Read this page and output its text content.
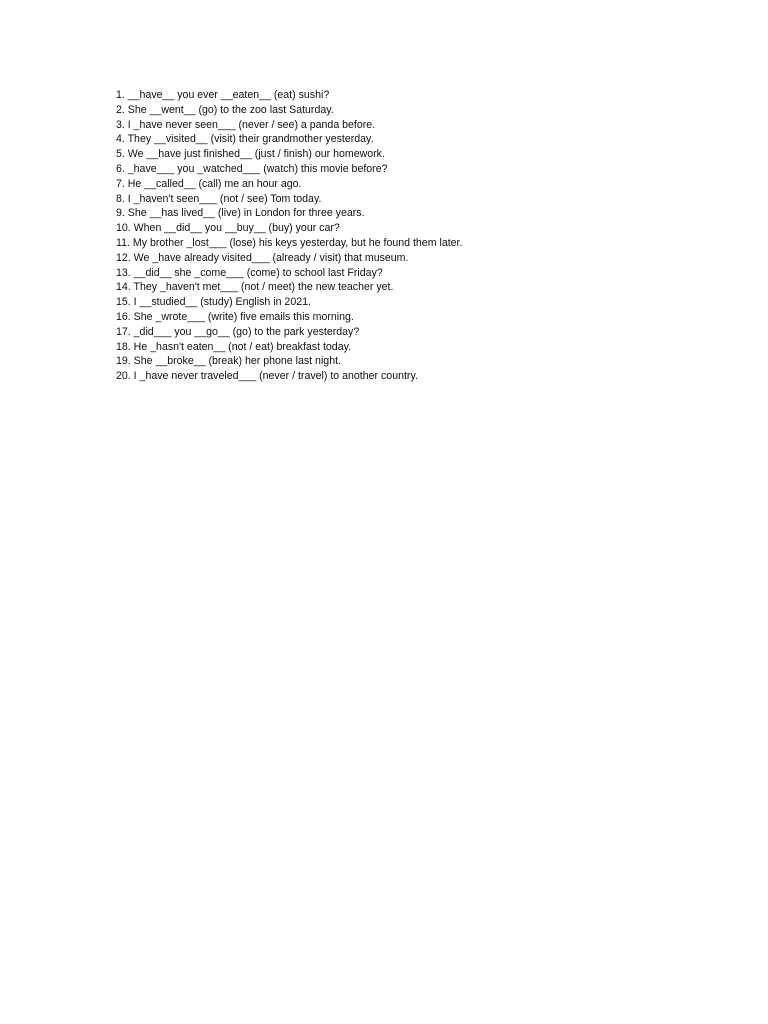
1. __have__ you ever __eaten__ (eat) sushi?
2. She __went__ (go) to the zoo last Saturday.
3. I _have never seen___ (never / see) a panda before.
4. They __visited__ (visit) their grandmother yesterday.
5. We __have just finished__ (just / finish) our homework.
6. _have___ you _watched___ (watch) this movie before?
7. He __called__ (call) me an hour ago.
8. I _haven't seen___ (not / see) Tom today.
9. She __has lived__ (live) in London for three years.
10. When __did__ you __buy__ (buy) your car?
11. My brother _lost___ (lose) his keys yesterday, but he found them later.
12. We _have already visited___ (already / visit) that museum.
13. __did__ she _come___ (come) to school last Friday?
14. They _haven't met___ (not / meet) the new teacher yet.
15. I __studied__ (study) English in 2021.
16. She _wrote___ (write) five emails this morning.
17. _did___ you __go__ (go) to the park yesterday?
18. He _hasn't eaten__ (not / eat) breakfast today.
19. She __broke__ (break) her phone last night.
20. I _have never traveled___ (never / travel) to another country.
